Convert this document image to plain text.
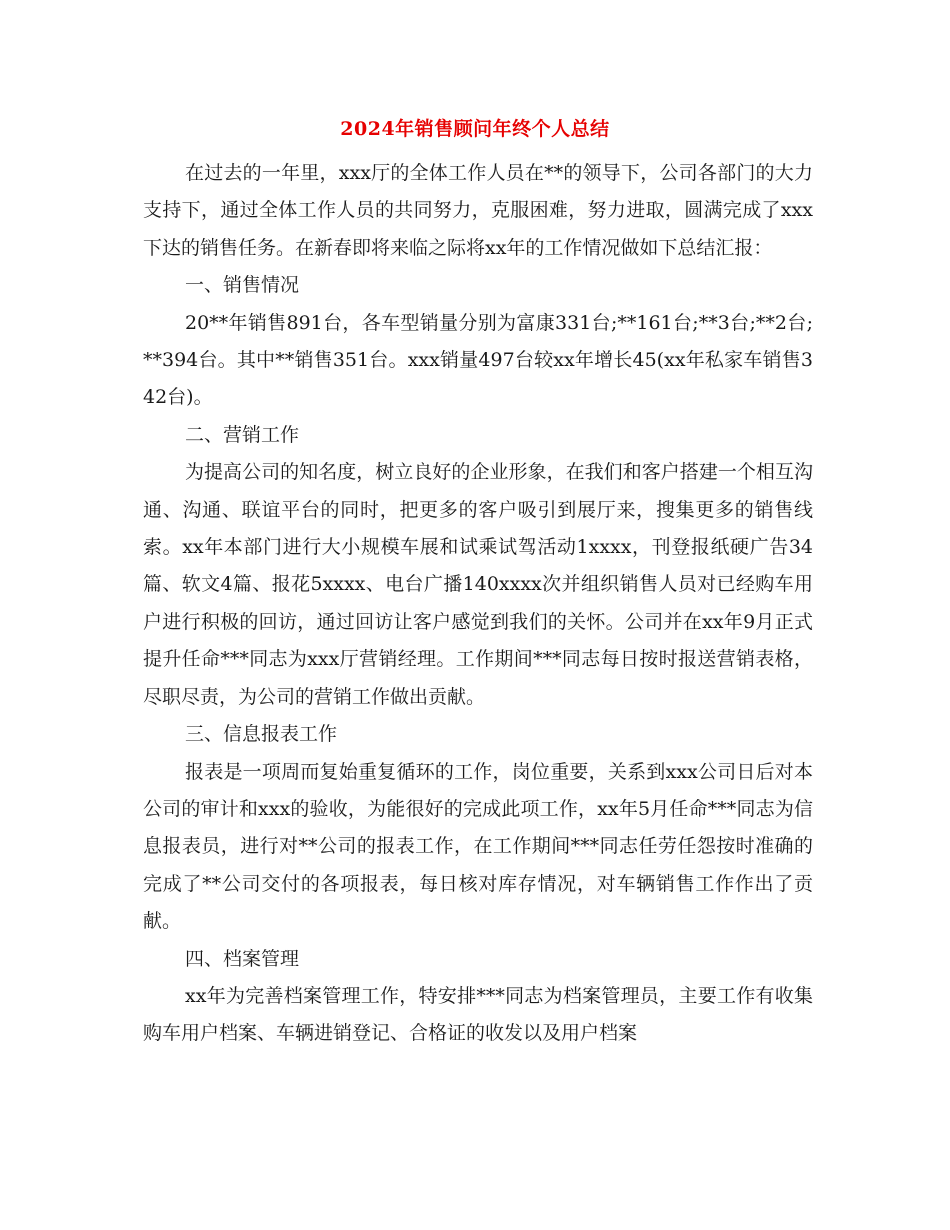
2024年销售顾问年终个人总结

在过去的一年里，xxx厅的全体工作人员在**的领导下，公司各部门的大力支持下，通过全体工作人员的共同努力，克服困难，努力进取，圆满完成了xxx下达的销售任务。在新春即将来临之际将xx年的工作情况做如下总结汇报：

一、销售情况

20**年销售891台，各车型销量分别为富康331台;**161台;**3台;**2台;**394台。其中**销售351台。xxx销量497台较xx年增长45(xx年私家车销售342台)。

二、营销工作

为提高公司的知名度，树立良好的企业形象，在我们和客户搭建一个相互沟通、沟通、联谊平台的同时，把更多的客户吸引到展厅来，搜集更多的销售线索。xx年本部门进行大小规模车展和试乘试驾活动1xxxx，刊登报纸硬广告34篇、软文4篇、报花5xxxx、电台广播140xxxx次并组织销售人员对已经购车用户进行积极的回访，通过回访让客户感觉到我们的关怀。公司并在xx年9月正式提升任命***同志为xxx厅营销经理。工作期间***同志每日按时报送营销表格，尽职尽责，为公司的营销工作做出贡献。

三、信息报表工作

报表是一项周而复始重复循环的工作，岗位重要，关系到xxx公司日后对本公司的审计和xxx的验收，为能很好的完成此项工作，xx年5月任命***同志为信息报表员，进行对**公司的报表工作，在工作期间***同志任劳任怨按时准确的完成了**公司交付的各项报表，每日核对库存情况，对车辆销售工作作出了贡献。

四、档案管理

xx年为完善档案管理工作，特安排***同志为档案管理员，主要工作有收集购车用户档案、车辆进销登记、合格证的收发以及用户档案
